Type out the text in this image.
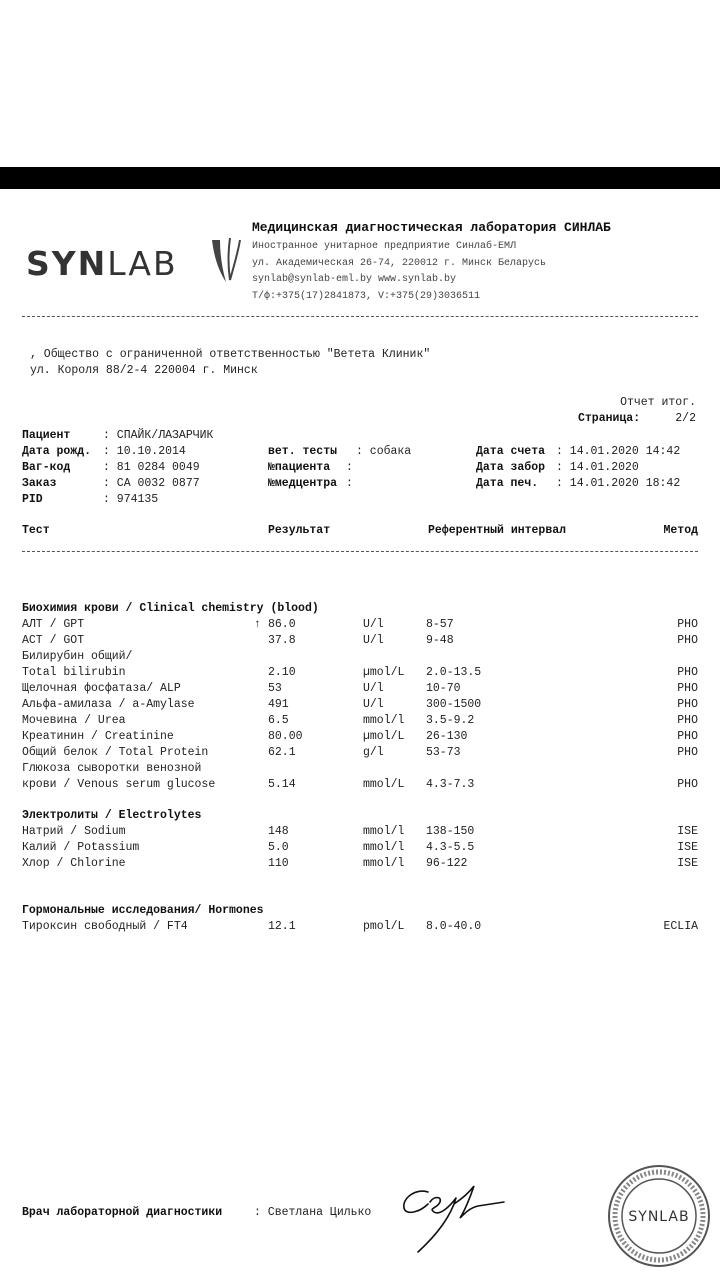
SYNLAB
Медицинская диагностическая лаборатория СИНЛАБ
Иностранное унитарное предприятие Синлаб-ЕМЛ
ул. Академическая 26-74, 220012 г. Минск Беларусь
synlab@synlab-eml.by www.synlab.by
Т/ф:+375(17)2841873, V:+375(29)3036511
, Общество с ограниченной ответственностью "Ветета Клиник"
ул. Короля 88/2-4 220004 г. Минск
Отчет итог.
Страница:	2/2
Пациент	: СПАЙК/ЛАЗАРЧИК
Дата рожд. : 10.10.2014	вет. тесты : собака	Дата счета : 14.01.2020 14:42
Ваг-код	: 81 0284 0049	№пациента :	Дата забор : 14.01.2020
Заказ	: CA 0032 0877	№медцентра :	Дата печ. : 14.01.2020 18:42
PID	: 974135
Тест	Результат	Референтный интервал	Метод
Биохимия крови / Clinical chemistry (blood)
АЛТ / GPT	↑ 86.0	U/l	8-57	PHO
АСТ / GOT	37.8	U/l	9-48	PHO
Билирубин общий/
Total bilirubin	2.10	µmol/L 2.0-13.5	PHO
Щелочная фосфатаза/ ALP	53	U/l	10-70	PHO
Альфа-амилаза / a-Amylase	491	U/l	300-1500	PHO
Мочевина / Urea	6.5	mmol/l 3.5-9.2	PHO
Креатинин / Creatinine	80.00	µmol/L 26-130	PHO
Общий белок / Total Protein	62.1	g/l	53-73	PHO
Глюкоза сыворотки венозной
крови / Venous serum glucose	5.14	mmol/L 4.3-7.3	PHO
Электролиты / Electrolytes
Натрий / Sodium	148	mmol/l 138-150	ISE
Калий / Potassium	5.0	mmol/l 4.3-5.5	ISE
Хлор / Chlorine	110	mmol/l 96-122	ISE
Гормональные исследования/ Hormones
Тироксин свободный / FT4	12.1	pmol/L 8.0-40.0	ECLIA
Врач лабораторной диагностики	: Светлана Цилько	SYNLAB
